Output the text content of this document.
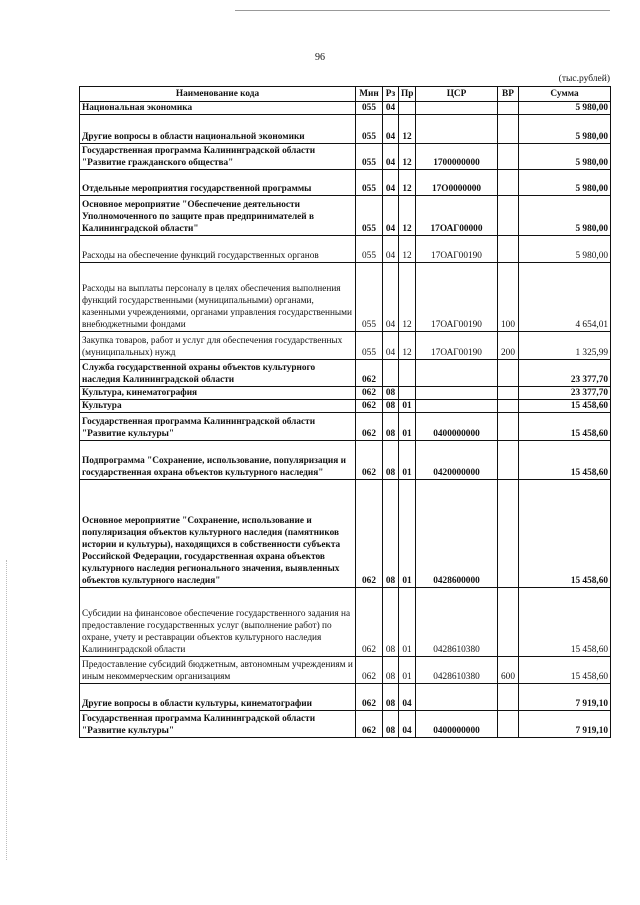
96
(тыс.рублей)
Наименование кода	Мин	Рз	Пр	ЦСР	ВР	Сумма
Национальная экономика	055	04				5 980,00
Другие вопросы в области национальной экономики	055	04	12			5 980,00
Государственная программа Калининградской области "Развитие гражданского общества"	055	04	12	1700000000		5 980,00
Отдельные мероприятия государственной программы	055	04	12	17О0000000		5 980,00
Основное мероприятие "Обеспечение деятельности Уполномоченного по защите прав предпринимателей в Калининградской области"	055	04	12	17ОАГ00000		5 980,00
Расходы на обеспечение функций государственных органов	055	04	12	17ОАГ00190		5 980,00
Расходы на выплаты персоналу в целях обеспечения выполнения функций государственными (муниципальными) органами, казенными учреждениями, органами управления государственными внебюджетными фондами	055	04	12	17ОАГ00190	100	4 654,01
Закупка товаров, работ и услуг для обеспечения государственных (муниципальных) нужд	055	04	12	17ОАГ00190	200	1 325,99
Служба государственной охраны объектов культурного наследия Калининградской области	062					23 377,70
Культура, кинематография	062	08				23 377,70
Культура	062	08	01			15 458,60
Государственная программа Калининградской области "Развитие культуры"	062	08	01	0400000000		15 458,60
Подпрограмма "Сохранение, использование, популяризация и государственная охрана объектов культурного наследия"	062	08	01	0420000000		15 458,60
Основное мероприятие "Сохранение, использование и популяризация объектов культурного наследия (памятников истории и культуры), находящихся в собственности субъекта Российской Федерации, государственная охрана объектов культурного наследия регионального значения, выявленных объектов культурного наследия"	062	08	01	0428600000		15 458,60
Субсидии на финансовое обеспечение государственного задания на предоставление государственных услуг (выполнение работ) по охране, учету и реставрации объектов культурного наследия Калининградской области	062	08	01	0428610380		15 458,60
Предоставление субсидий бюджетным, автономным учреждениям и иным некоммерческим организациям	062	08	01	0428610380	600	15 458,60
Другие вопросы в области культуры, кинематографии	062	08	04			7 919,10
Государственная программа Калининградской области "Развитие культуры"	062	08	04	0400000000		7 919,10
